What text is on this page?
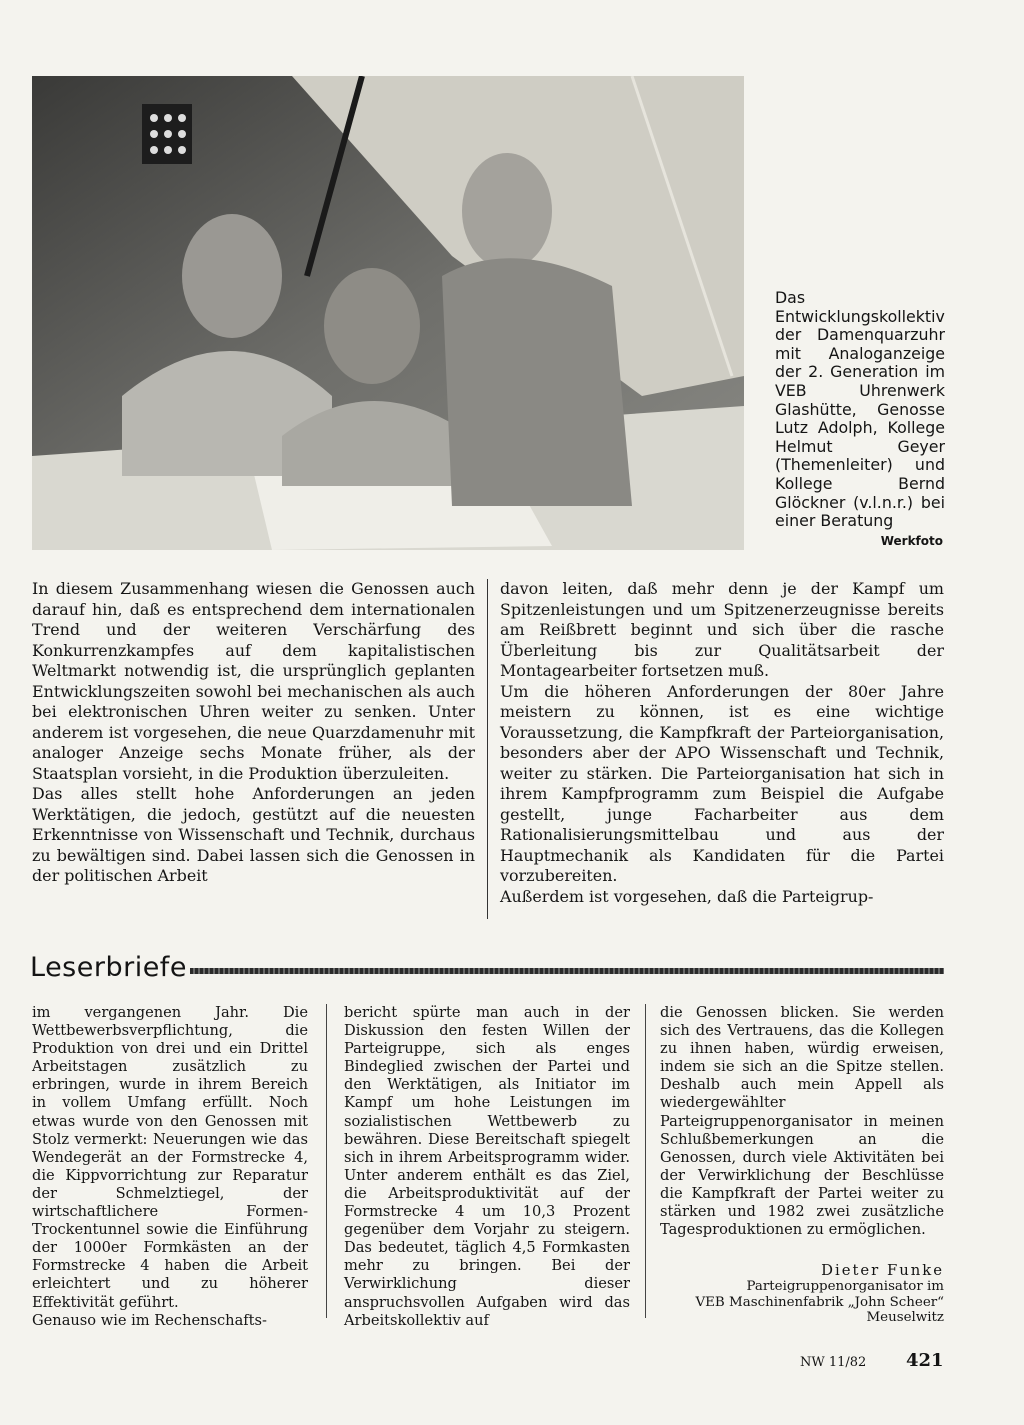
Das Entwicklungskollektiv der Damenquarzuhr mit Analoganzeige der 2. Generation im VEB Uhrenwerk Glashütte, Genosse Lutz Adolph, Kollege Helmut Geyer (Themenleiter) und Kollege Bernd Glöckner (v.l.n.r.) bei einer Beratung
Werkfoto

In diesem Zusammenhang wiesen die Genossen auch darauf hin, daß es entsprechend dem internationalen Trend und der weiteren Verschärfung des Konkurrenzkampfes auf dem kapitalistischen Weltmarkt notwendig ist, die ursprünglich geplanten Entwicklungszeiten sowohl bei mechanischen als auch bei elektronischen Uhren weiter zu senken. Unter anderem ist vorgesehen, die neue Quarzdamenuhr mit analoger Anzeige sechs Monate früher, als der Staatsplan vorsieht, in die Produktion überzuleiten.

Das alles stellt hohe Anforderungen an jeden Werktätigen, die jedoch, gestützt auf die neuesten Erkenntnisse von Wissenschaft und Technik, durchaus zu bewältigen sind. Dabei lassen sich die Genossen in der politischen Arbeit

davon leiten, daß mehr denn je der Kampf um Spitzenleistungen und um Spitzenerzeugnisse bereits am Reißbrett beginnt und sich über die rasche Überleitung bis zur Qualitätsarbeit der Montagearbeiter fortsetzen muß.

Um die höheren Anforderungen der 80er Jahre meistern zu können, ist es eine wichtige Voraussetzung, die Kampfkraft der Parteiorganisation, besonders aber der APO Wissenschaft und Technik, weiter zu stärken. Die Parteiorganisation hat sich in ihrem Kampfprogramm zum Beispiel die Aufgabe gestellt, junge Facharbeiter aus dem Rationalisierungsmittelbau und aus der Hauptmechanik als Kandidaten für die Partei vorzubereiten.

Außerdem ist vorgesehen, daß die Parteigrup-

Leserbriefe

im vergangenen Jahr. Die Wettbewerbsverpflichtung, die Produktion von drei und ein Drittel Arbeitstagen zusätzlich zu erbringen, wurde in ihrem Bereich in vollem Umfang erfüllt. Noch etwas wurde von den Genossen mit Stolz vermerkt: Neuerungen wie das Wendegerät an der Formstrecke 4, die Kippvorrichtung zur Reparatur der Schmelztiegel, der wirtschaftlichere Formen-Trockentunnel sowie die Einführung der 1000er Formkästen an der Formstrecke 4 haben die Arbeit erleichtert und zu höherer Effektivität geführt.

Genauso wie im Rechenschafts-

bericht spürte man auch in der Diskussion den festen Willen der Parteigruppe, sich als enges Bindeglied zwischen der Partei und den Werktätigen, als Initiator im Kampf um hohe Leistungen im sozialistischen Wettbewerb zu bewähren. Diese Bereitschaft spiegelt sich in ihrem Arbeitsprogramm wider. Unter anderem enthält es das Ziel, die Arbeitsproduktivität auf der Formstrecke 4 um 10,3 Prozent gegenüber dem Vorjahr zu steigern. Das bedeutet, täglich 4,5 Formkasten mehr zu bringen. Bei der Verwirklichung dieser anspruchsvollen Aufgaben wird das Arbeitskollektiv auf

die Genossen blicken. Sie werden sich des Vertrauens, das die Kollegen zu ihnen haben, würdig erweisen, indem sie sich an die Spitze stellen. Deshalb auch mein Appell als wiedergewählter Parteigruppenorganisator in meinen Schlußbemerkungen an die Genossen, durch viele Aktivitäten bei der Verwirklichung der Beschlüsse die Kampfkraft der Partei weiter zu stärken und 1982 zwei zusätzliche Tagesproduktionen zu ermöglichen.

Dieter Funke
Parteigruppenorganisator im
VEB Maschinenfabrik „John Scheer“
Meuselwitz
NW 11/82 421
